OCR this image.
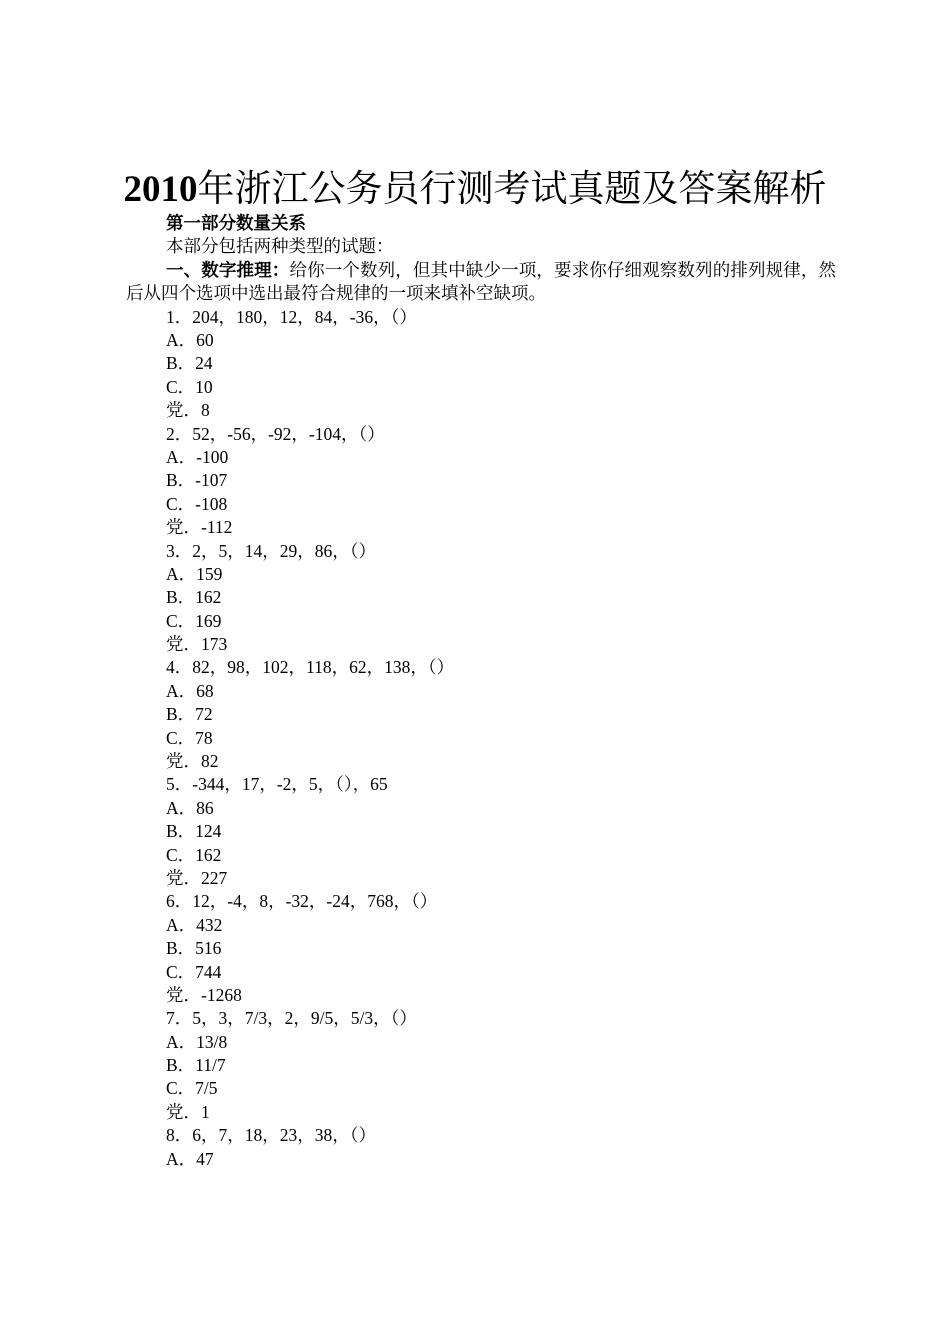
2010年浙江公务员行测考试真题及答案解析
第一部分数量关系
本部分包括两种类型的试题：
一、数字推理：给你一个数列，但其中缺少一项，要求你仔细观察数列的排列规律，然后从四个选项中选出最符合规律的一项来填补空缺项。
1．204，180，12，84，-36，（）
A．60
B．24
C．10
党．8
2．52，-56，-92，-104，（）
A．-100
B．-107
C．-108
党．-112
3．2，5，14，29，86，（）
A．159
B．162
C．169
党．173
4．82，98，102，118，62，138，（）
A．68
B．72
C．78
党．82
5．-344，17，-2，5，（），65
A．86
B．124
C．162
党．227
6．12，-4，8，-32，-24，768，（）
A．432
B．516
C．744
党．-1268
7．5，3，7/3，2，9/5，5/3，（）
A．13/8
B．11/7
C．7/5
党．1
8．6，7，18，23，38，（）
A．47
